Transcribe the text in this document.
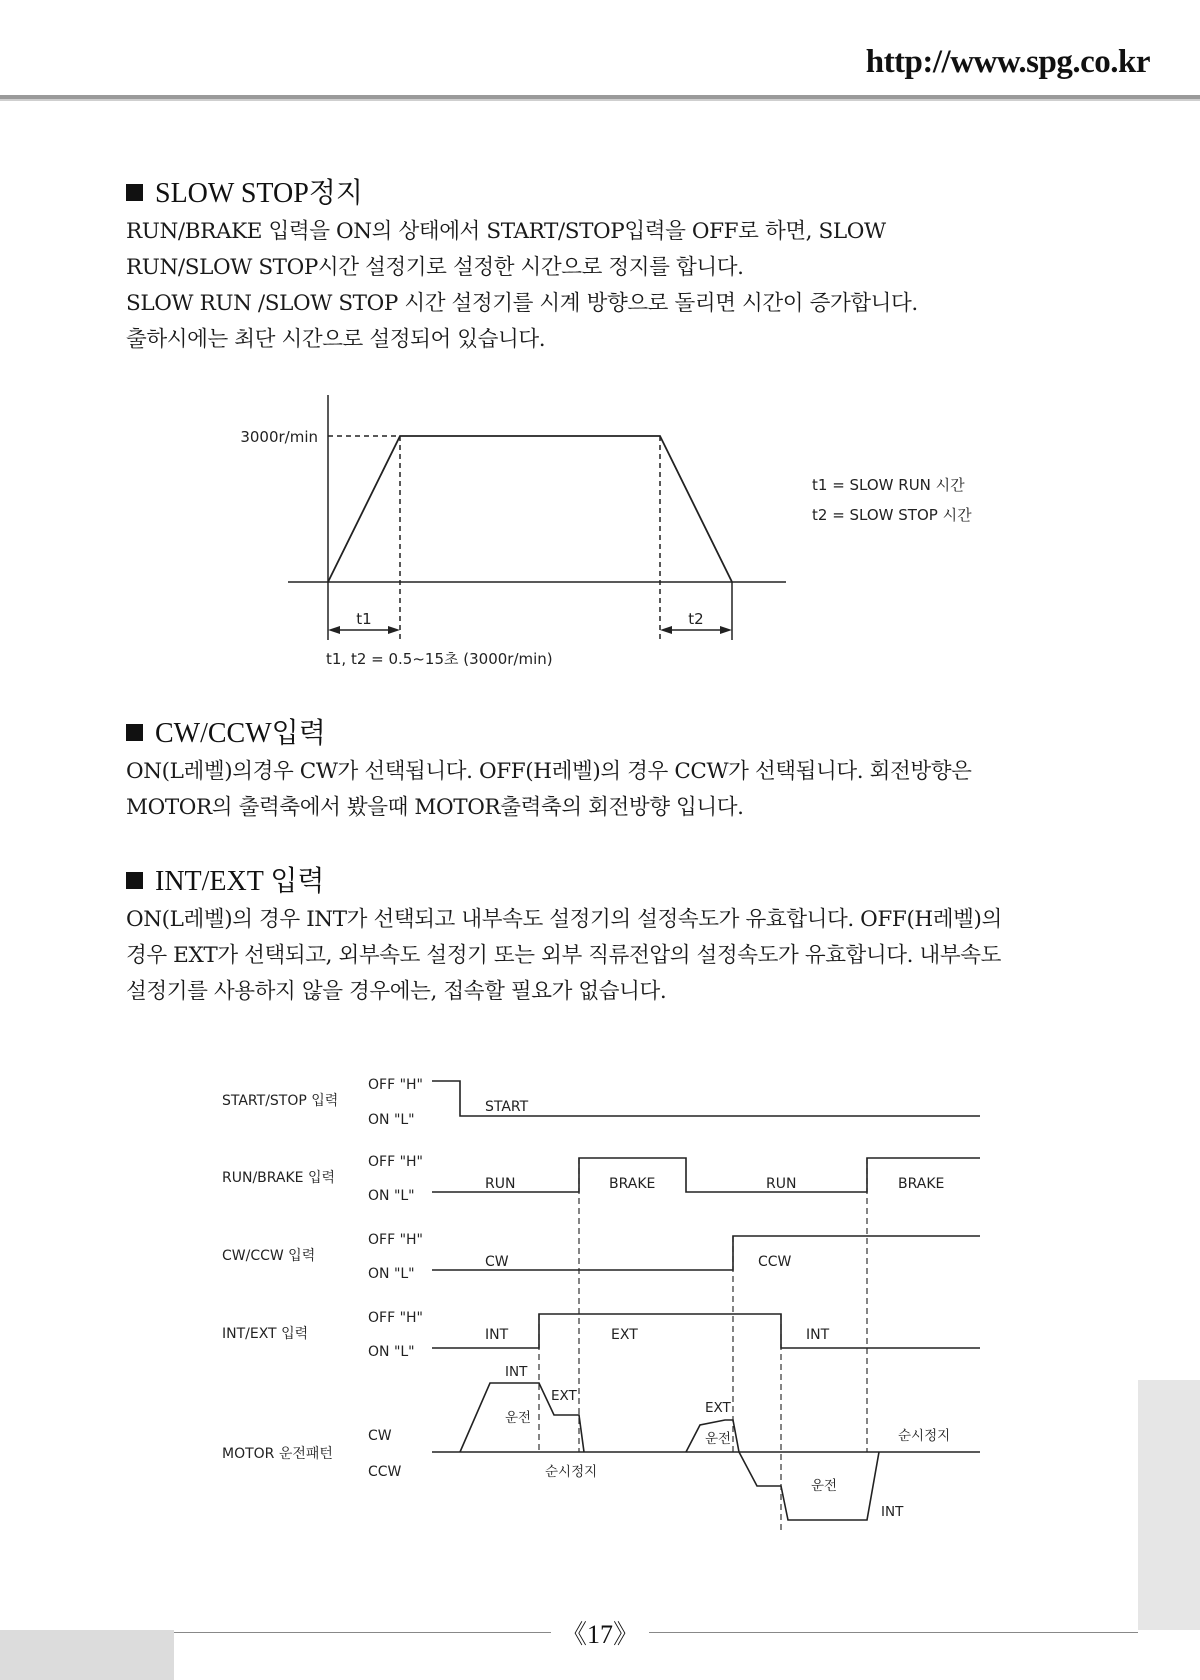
http://www.spg.co.kr
SLOW STOP정지

RUN/BRAKE 입력을 ON의 상태에서 START/STOP입력을 OFF로 하면, SLOW

RUN/SLOW STOP시간 설정기로 설정한 시간으로 정지를 합니다.

SLOW RUN /SLOW STOP 시간 설정기를 시계 방향으로 돌리면 시간이 증가합니다.

출하시에는 최단 시간으로 설정되어 있습니다.

3000r/min
t1	t2
t1 = SLOW RUN 시간
t2 = SLOW STOP 시간
t1, t2 = 0.5~15초 (3000r/min)
CW/CCW입력

ON(L레벨)의경우 CW가 선택됩니다. OFF(H레벨)의 경우 CCW가 선택됩니다. 회전방향은

MOTOR의 출력축에서 봤을때 MOTOR출력축의 회전방향 입니다.

INT/EXT 입력

ON(L레벨)의 경우 INT가 선택되고 내부속도 설정기의 설정속도가 유효합니다. OFF(H레벨)의

경우 EXT가 선택되고, 외부속도 설정기 또는 외부 직류전압의 설정속도가 유효합니다. 내부속도

설정기를 사용하지 않을 경우에는, 접속할 필요가 없습니다.

START/STOP 입력
RUN/BRAKE 입력
CW/CCW 입력
INT/EXT 입력
MOTOR 운전패턴
OFF "H"
ON "L"
OFF "H"
ON "L"
OFF "H"
ON "L"
OFF "H"
ON "L"
CW
CCW
START
RUN	BRAKE	RUN	BRAKE
CW	CCW
INT	EXT	INT
INT
운전
EXT
순시정지
EXT
운전	순시정지
운전
INT
《17》
